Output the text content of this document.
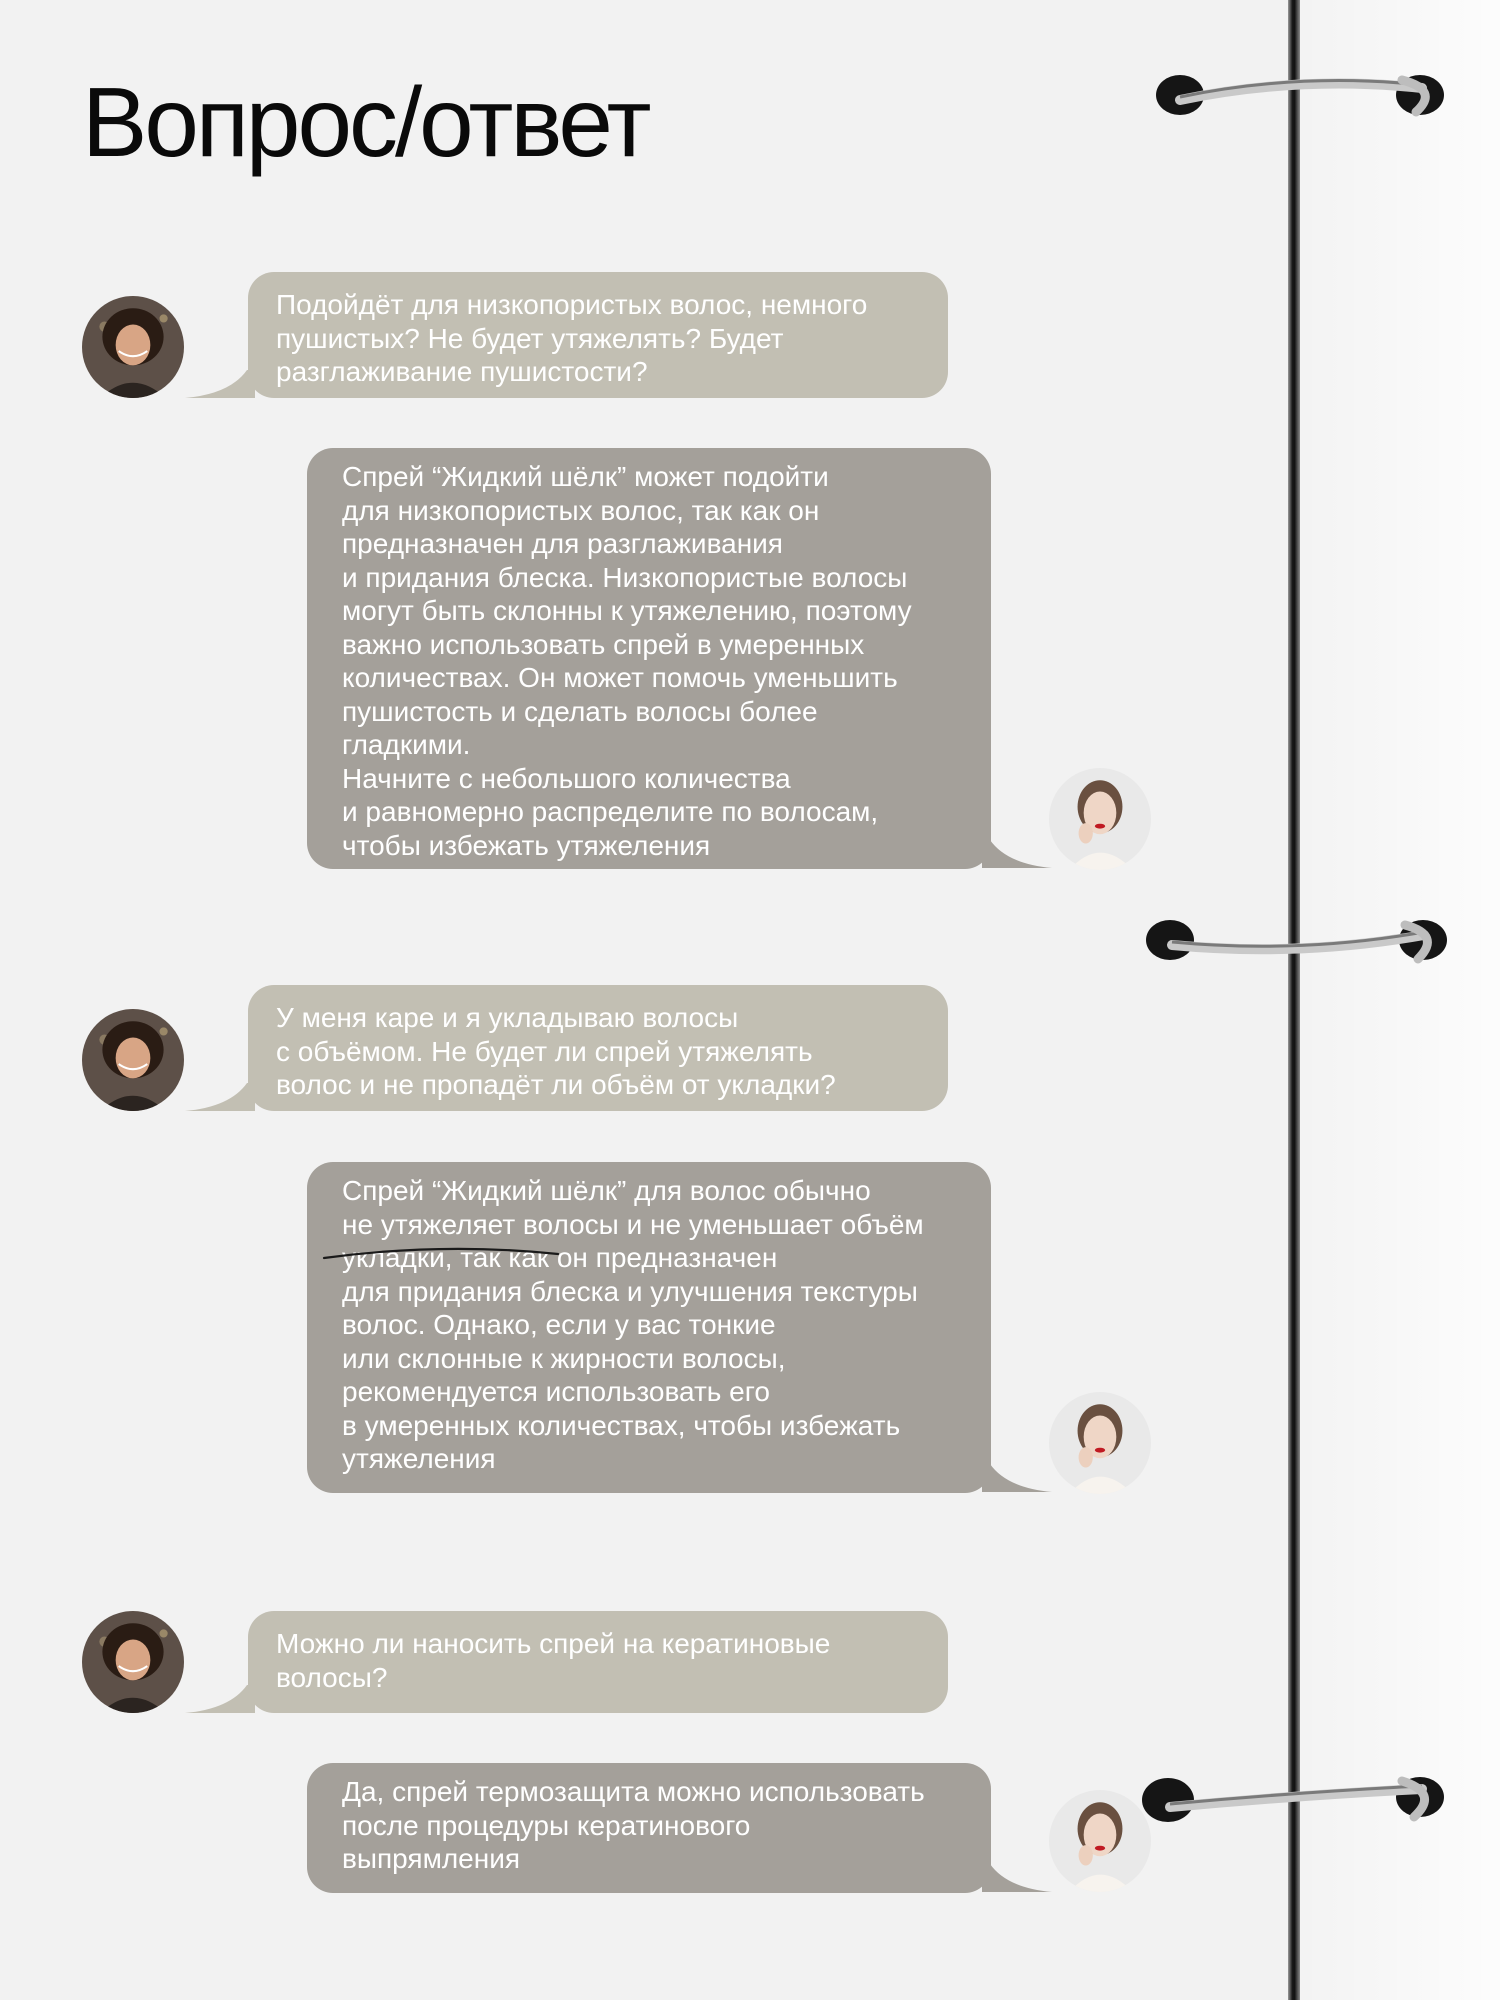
Вопрос/ответ
Подойдёт для низкопористых волос, немного
пушистых? Не будет утяжелять? Будет
разглаживание пушистости?
Спрей “Жидкий шёлк” может подойти
для низкопористых волос, так как он
предназначен для разглаживания
и придания блеска. Низкопористые волосы
могут быть склонны к утяжелению, поэтому
важно использовать спрей в умеренных
количествах. Он может помочь уменьшить
пушистость и сделать волосы более
гладкими.
Начните с небольшого количества
и равномерно распределите по волосам,
чтобы избежать утяжеления
У меня каре и я укладываю волосы
с объёмом. Не будет ли спрей утяжелять
волос и не пропадёт ли объём от укладки?
Спрей “Жидкий шёлк” для волос обычно
не утяжеляет волосы и не уменьшает объём
укладки, так как он предназначен
для придания блеска и улучшения текстуры
волос. Однако, если у вас тонкие
или склонные к жирности волосы,
рекомендуется использовать его
в умеренных количествах, чтобы избежать
утяжеления
Можно ли наносить спрей на кератиновые
волосы?
Да, спрей термозащита можно использовать
после процедуры кератинового
выпрямления
